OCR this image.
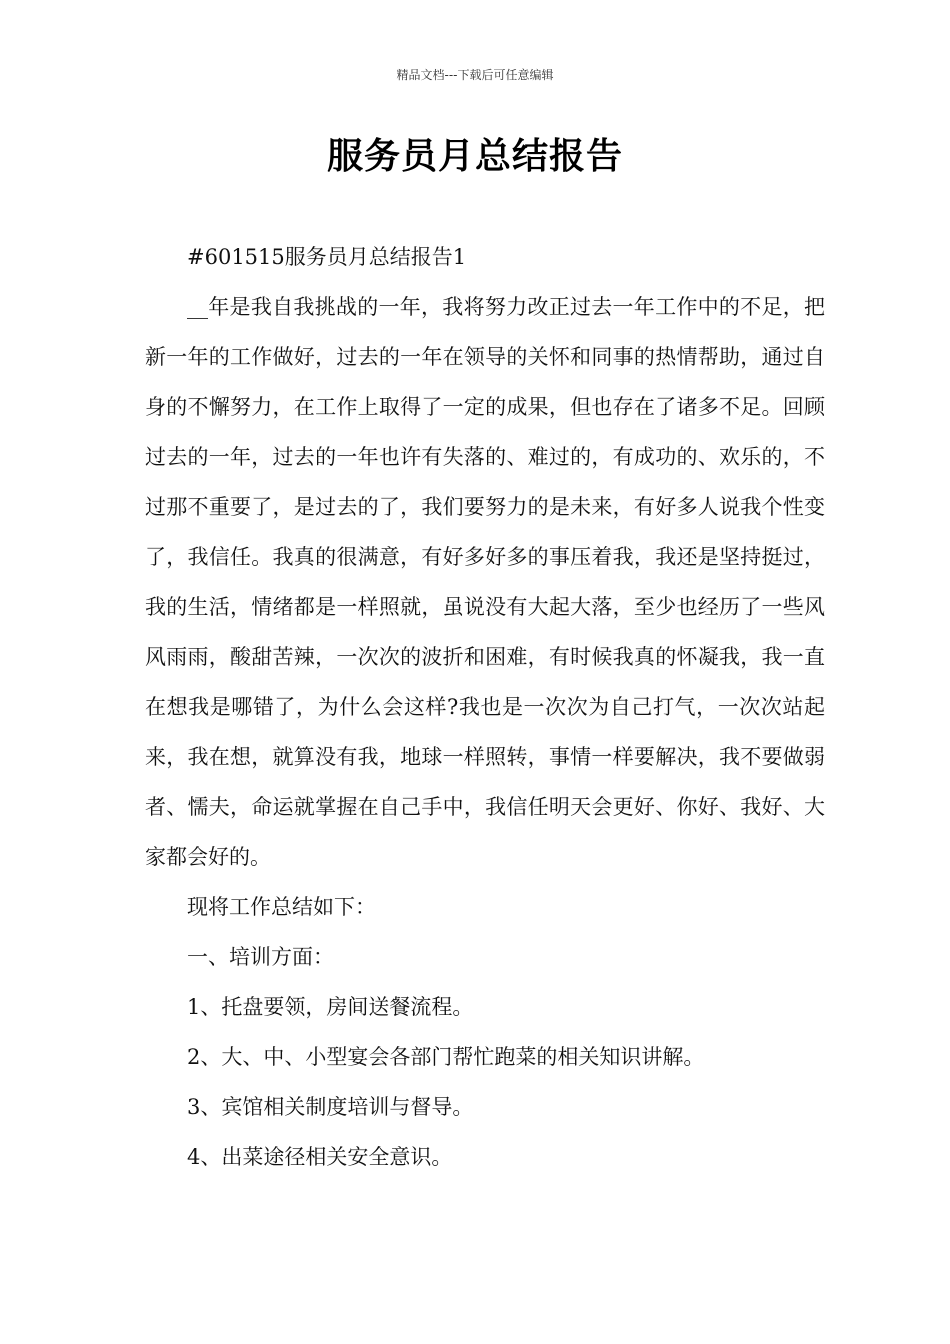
精品文档---下载后可任意编辑
服务员月总结报告

#601515服务员月总结报告1

__年是我自我挑战的一年，我将努力改正过去一年工作中的不足，把新一年的工作做好，过去的一年在领导的关怀和同事的热情帮助，通过自身的不懈努力，在工作上取得了一定的成果，但也存在了诸多不足。回顾过去的一年，过去的一年也许有失落的、难过的，有成功的、欢乐的，不过那不重要了，是过去的了，我们要努力的是未来，有好多人说我个性变了，我信任。我真的很满意，有好多好多的事压着我，我还是坚持挺过，我的生活，情绪都是一样照就，虽说没有大起大落，至少也经历了一些风风雨雨，酸甜苦辣，一次次的波折和困难，有时候我真的怀凝我，我一直在想我是哪错了，为什么会这样?我也是一次次为自己打气，一次次站起来，我在想，就算没有我，地球一样照转，事情一样要解决，我不要做弱者、懦夫，命运就掌握在自己手中，我信任明天会更好、你好、我好、大家都会好的。

现将工作总结如下：

一、培训方面：

1、托盘要领，房间送餐流程。

2、大、中、小型宴会各部门帮忙跑菜的相关知识讲解。

3、宾馆相关制度培训与督导。

4、出菜途径相关安全意识。
